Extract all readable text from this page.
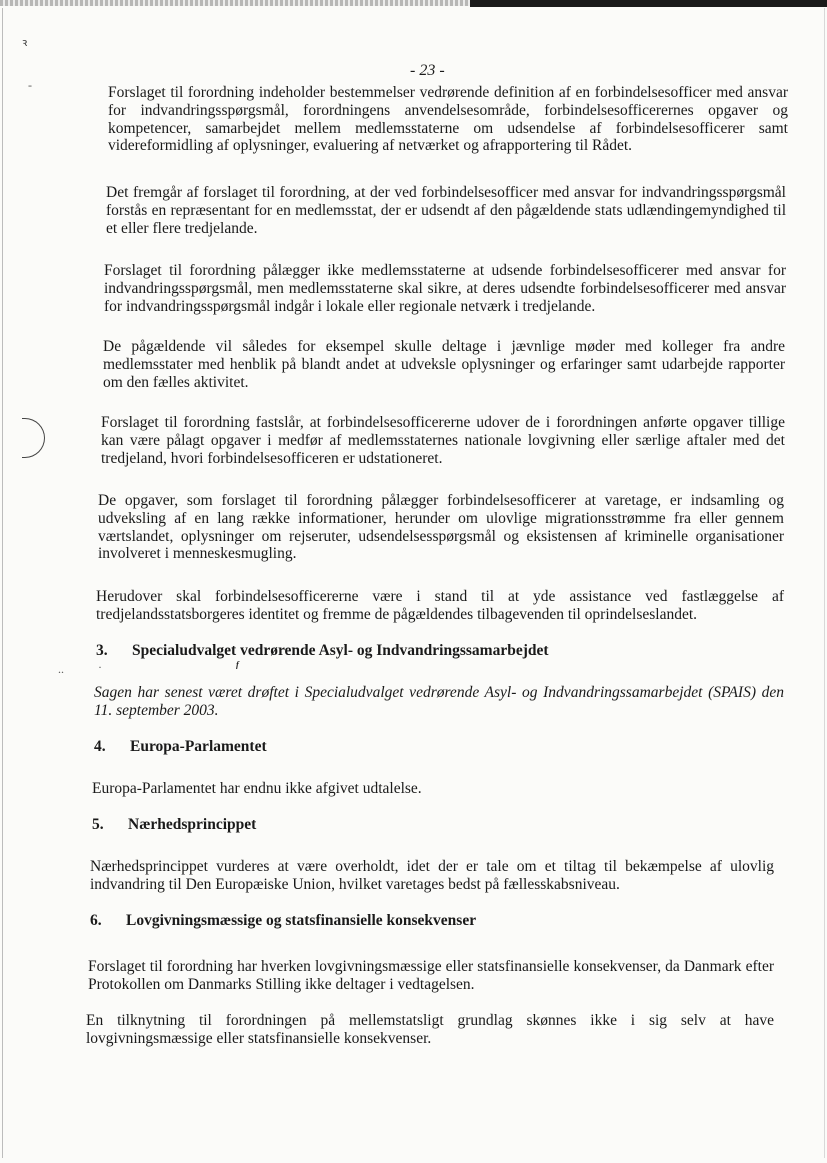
ꝛ
-
..	·	ᶠ
- 23 -

Forslaget til forordning indeholder bestemmelser vedrørende definition af en forbindelsesofficer med ansvar for indvandringsspørgsmål, forordningens anvendelsesområde, forbindelsesofficerernes opgaver og kompetencer, samarbejdet mellem medlemsstaterne om udsendelse af forbindelsesofficerer samt videreformidling af oplysninger, evaluering af netværket og afrapportering til Rådet.

Det fremgår af forslaget til forordning, at der ved forbindelsesofficer med ansvar for indvandringsspørgsmål forstås en repræsentant for en medlemsstat, der er udsendt af den pågældende stats udlændingemyndighed til et eller flere tredjelande.

Forslaget til forordning pålægger ikke medlemsstaterne at udsende forbindelsesofficerer med ansvar for indvandringsspørgsmål, men medlemsstaterne skal sikre, at deres udsendte forbindelsesofficerer med ansvar for indvandringsspørgsmål indgår i lokale eller regionale netværk i tredjelande.

De pågældende vil således for eksempel skulle deltage i jævnlige møder med kolleger fra andre medlemsstater med henblik på blandt andet at udveksle oplysninger og erfaringer samt udarbejde rapporter om den fælles aktivitet.

Forslaget til forordning fastslår, at forbindelsesofficererne udover de i forordningen anførte opgaver tillige kan være pålagt opgaver i medfør af medlemsstaternes nationale lovgivning eller særlige aftaler med det tredjeland, hvori forbindelsesofficeren er udstationeret.

De opgaver, som forslaget til forordning pålægger forbindelsesofficerer at varetage, er indsamling og udveksling af en lang række informationer, herunder om ulovlige migrationsstrømme fra eller gennem værtslandet, oplysninger om rejseruter, udsendelsesspørgsmål og eksistensen af kriminelle organisationer involveret i menneskesmugling.

Herudover skal forbindelsesofficererne være i stand til at yde assistance ved fastlæggelse af tredjelandsstatsborgeres identitet og fremme de pågældendes tilbagevenden til oprindelseslandet.

3. Specialudvalget vedrørende Asyl- og Indvandringssamarbejdet

Sagen har senest været drøftet i Specialudvalget vedrørende Asyl- og Indvandringssamarbejdet (SPAIS) den 11. september 2003.

4. Europa-Parlamentet

Europa-Parlamentet har endnu ikke afgivet udtalelse.

5. Nærhedsprincippet

Nærhedsprincippet vurderes at være overholdt, idet der er tale om et tiltag til bekæmpelse af ulovlig indvandring til Den Europæiske Union, hvilket varetages bedst på fællesskabsniveau.

6. Lovgivningsmæssige og statsfinansielle konsekvenser

Forslaget til forordning har hverken lovgivningsmæssige eller statsfinansielle konsekvenser, da Danmark efter Protokollen om Danmarks Stilling ikke deltager i vedtagelsen.

En tilknytning til forordningen på mellemstatsligt grundlag skønnes ikke i sig selv at have lovgivningsmæssige eller statsfinansielle konsekvenser.
